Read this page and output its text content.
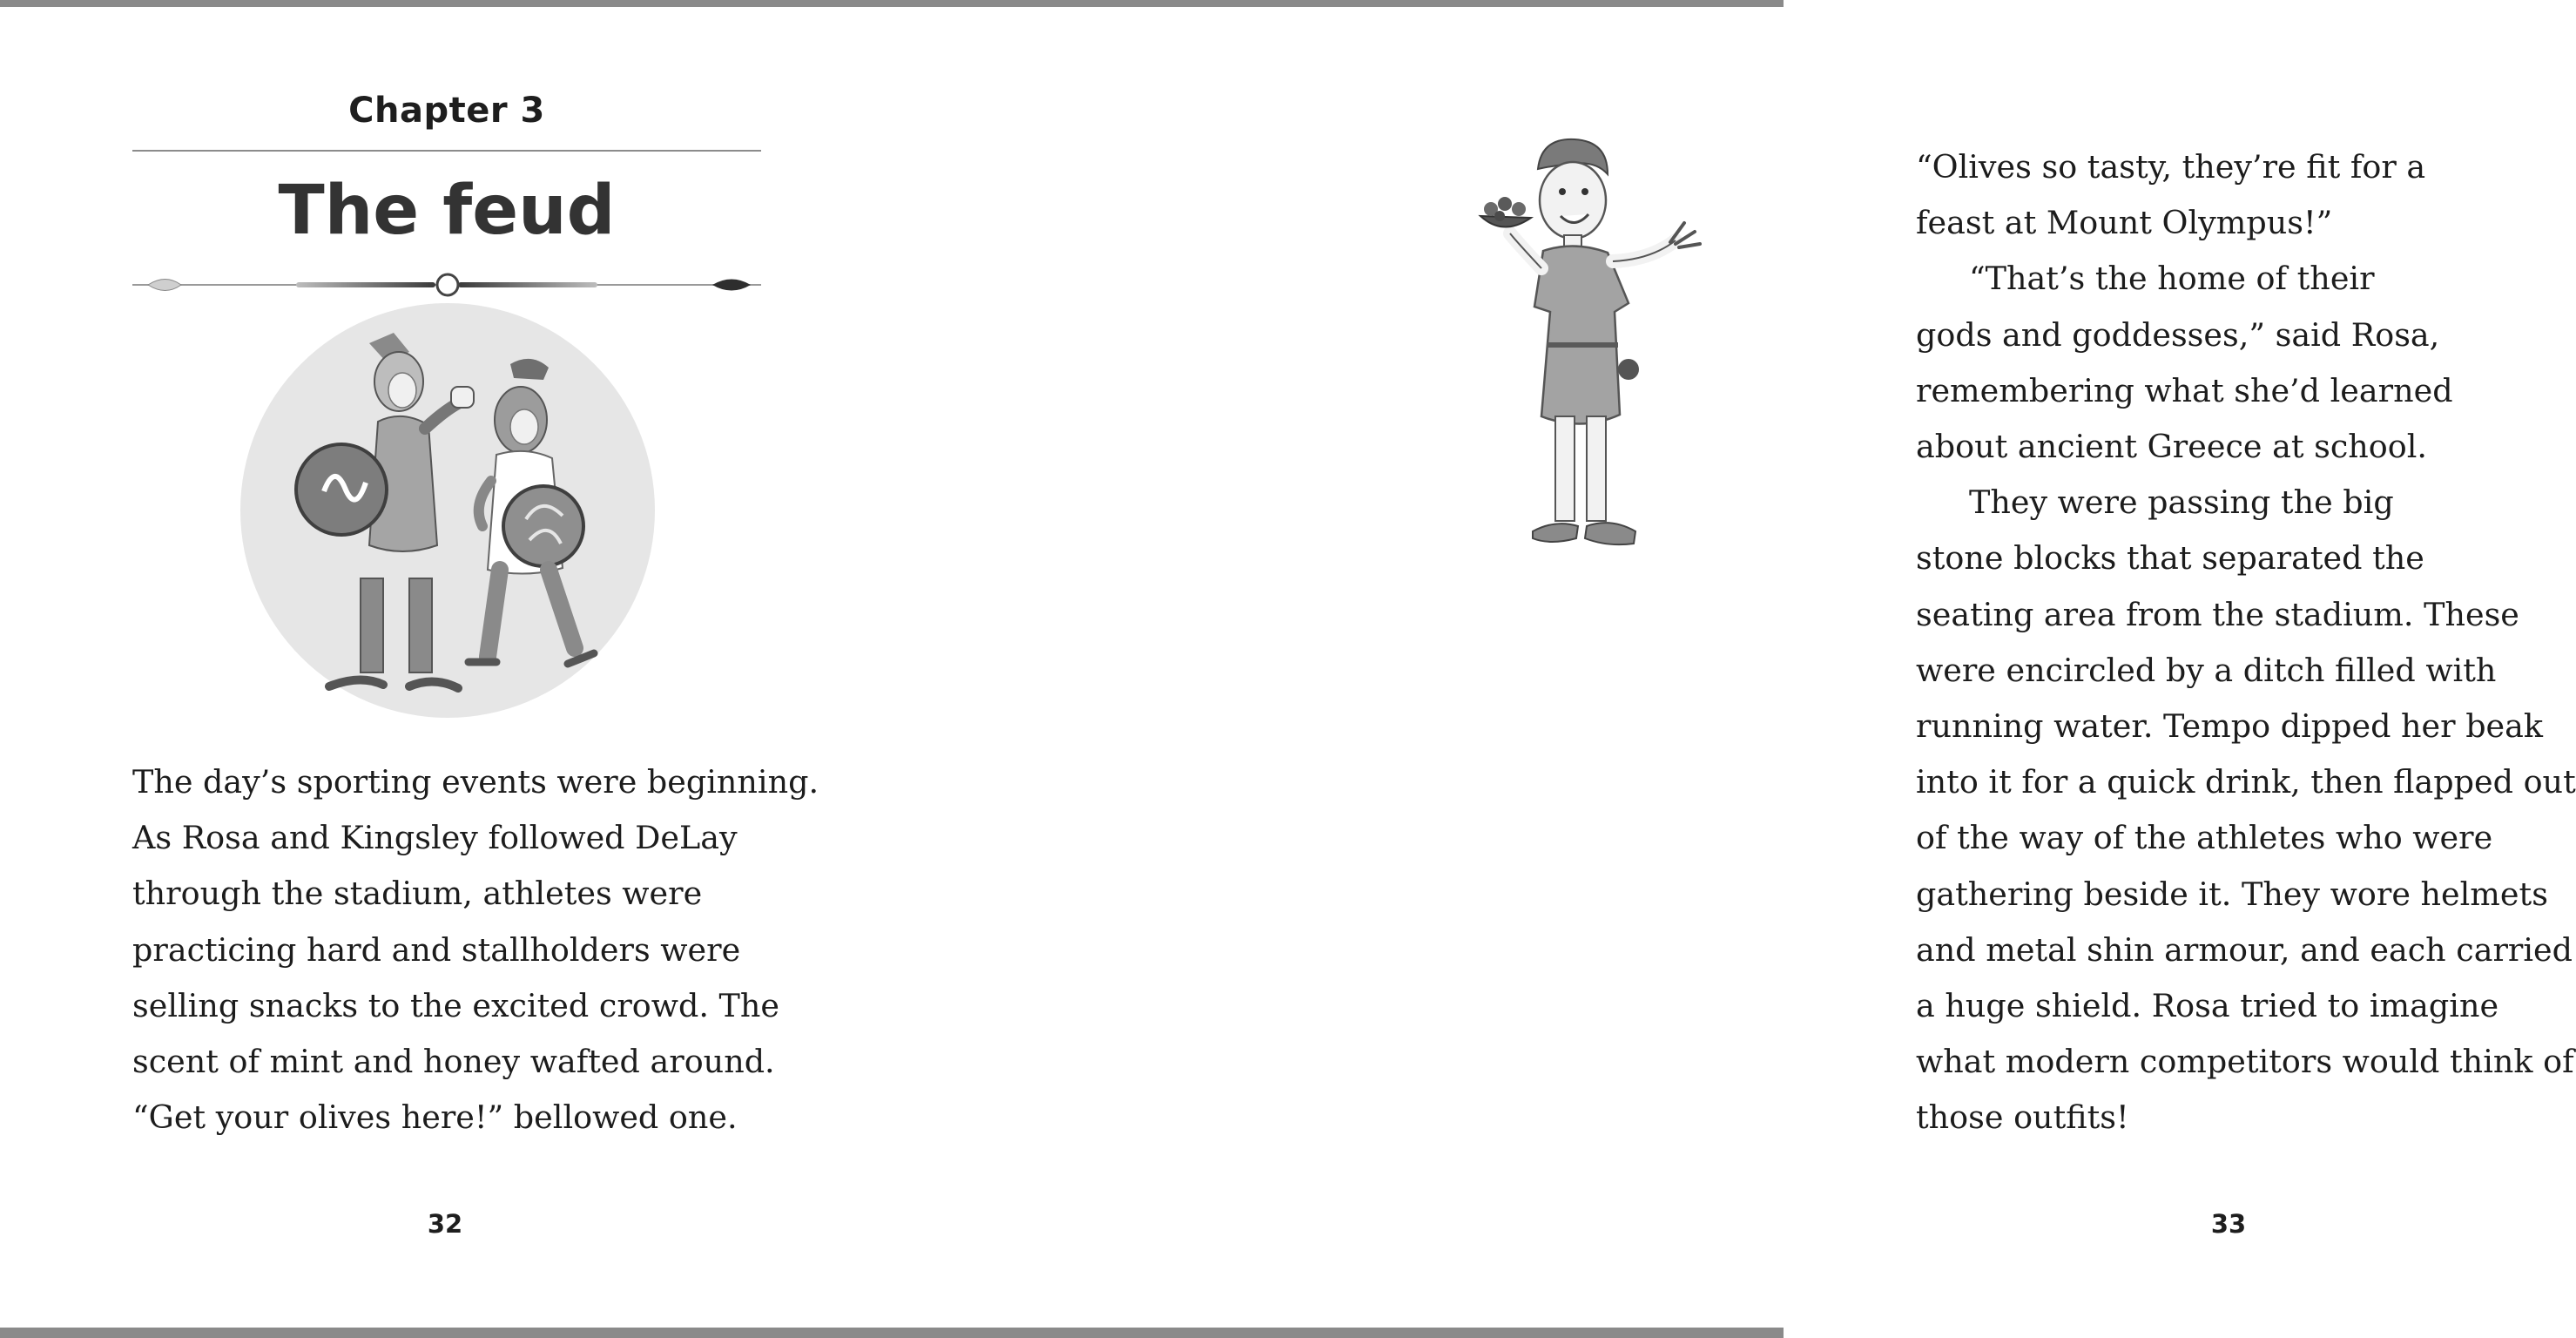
Chapter 3
The feud
The day’s sporting events were beginning.
As Rosa and Kingsley followed DeLay
through the stadium, athletes were
practicing hard and stallholders were
selling snacks to the excited crowd. The
scent of mint and honey wafted around.
“Get your olives here!” bellowed one.
32
“Olives so tasty, they’re fit for a
feast at Mount Olympus!”
“That’s the home of their
gods and goddesses,” said Rosa,
remembering what she’d learned
about ancient Greece at school.
They were passing the big
stone blocks that separated the
seating area from the stadium. These
were encircled by a ditch filled with
running water. Tempo dipped her beak
into it for a quick drink, then flapped out
of the way of the athletes who were
gathering beside it. They wore helmets
and metal shin armour, and each carried
a huge shield. Rosa tried to imagine
what modern competitors would think of
those outfits!
33
